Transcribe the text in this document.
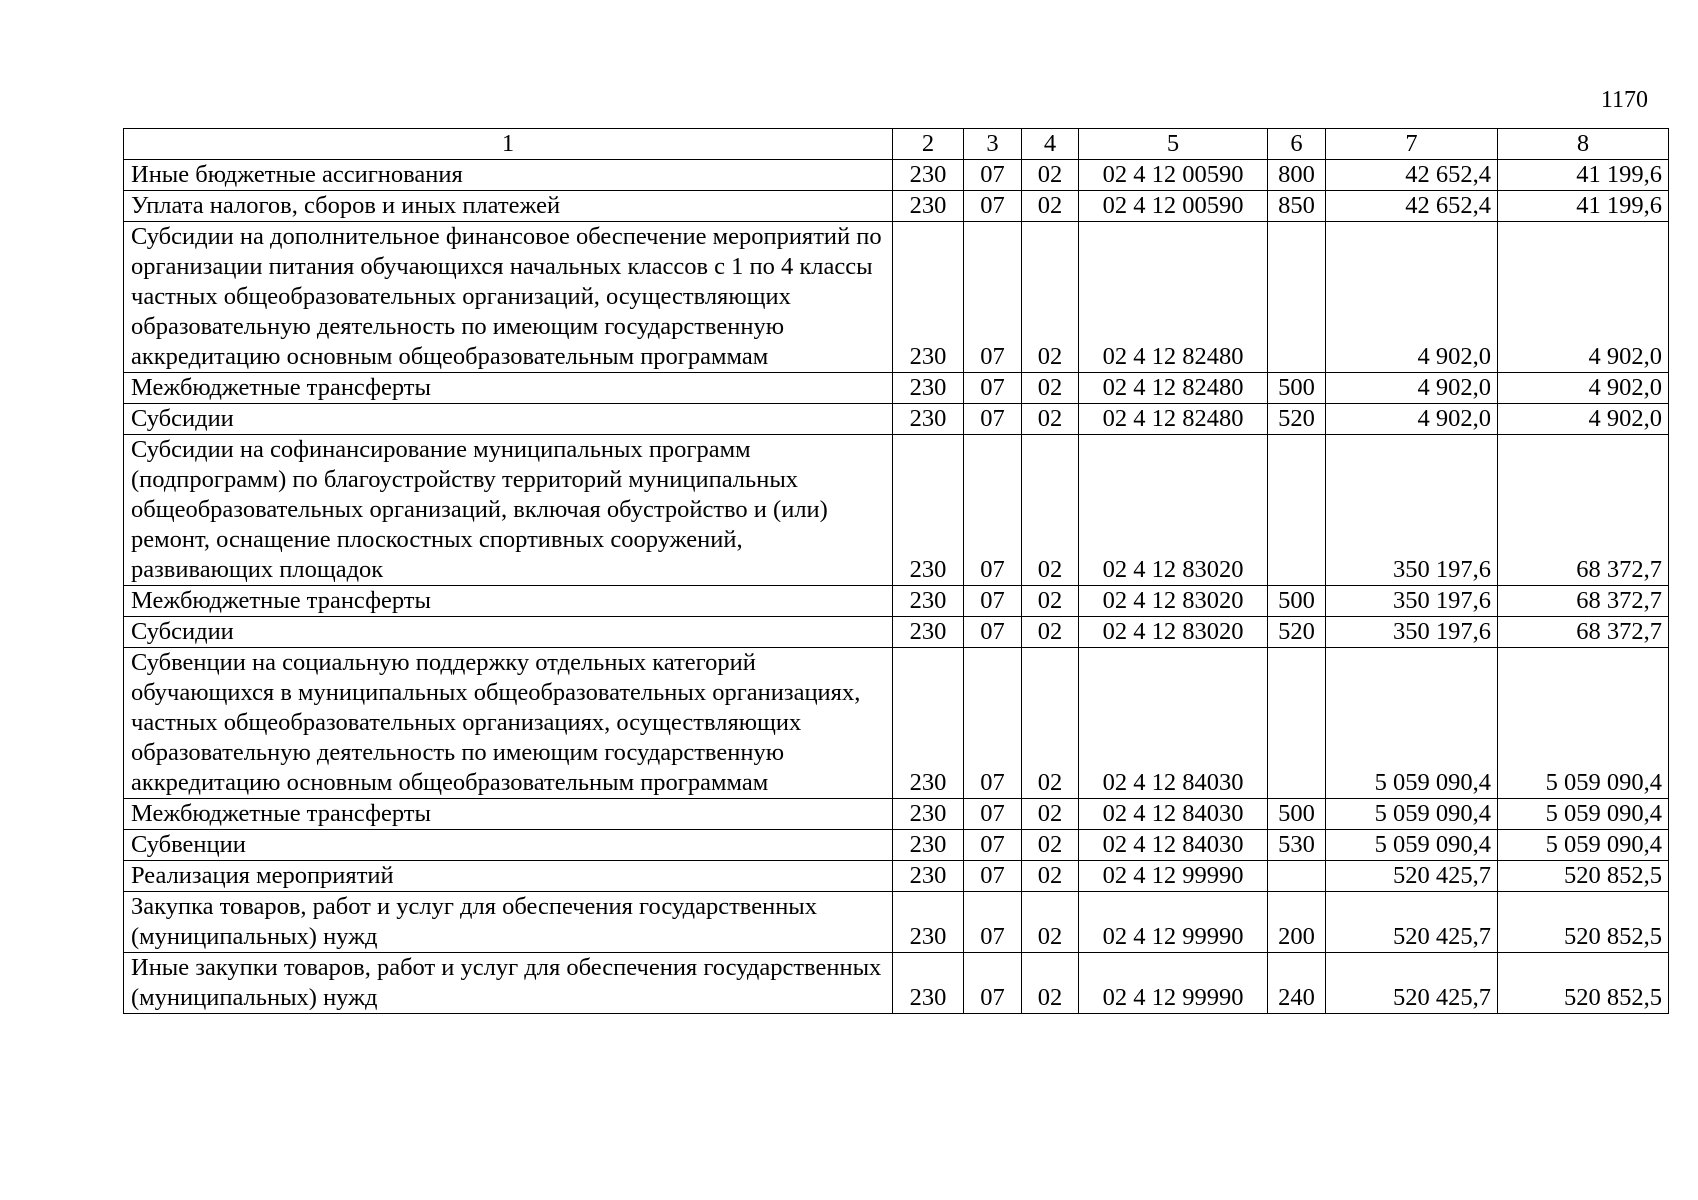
1170
1	2	3	4	5	6	7	8
Иные бюджетные ассигнования	230	07	02	02 4 12 00590	800	42 652,4	41 199,6
Уплата налогов, сборов и иных платежей	230	07	02	02 4 12 00590	850	42 652,4	41 199,6
Субсидии на дополнительное финансовое обеспечение мероприятий по организации питания обучающихся начальных классов с 1 по 4 классы частных общеобразовательных организаций, осуществляющих образовательную деятельность по имеющим государственную аккредитацию основным общеобразовательным программам	230	07	02	02 4 12 82480		4 902,0	4 902,0
Межбюджетные трансферты	230	07	02	02 4 12 82480	500	4 902,0	4 902,0
Субсидии	230	07	02	02 4 12 82480	520	4 902,0	4 902,0
Субсидии на софинансирование муниципальных программ (подпрограмм) по благоустройству территорий муниципальных общеобразовательных организаций, включая обустройство и (или) ремонт, оснащение плоскостных спортивных сооружений, развивающих площадок	230	07	02	02 4 12 83020		350 197,6	68 372,7
Межбюджетные трансферты	230	07	02	02 4 12 83020	500	350 197,6	68 372,7
Субсидии	230	07	02	02 4 12 83020	520	350 197,6	68 372,7
Субвенции на социальную поддержку отдельных категорий обучающихся в муниципальных общеобразовательных организациях, частных общеобразовательных организациях, осуществляющих образовательную деятельность по имеющим государственную аккредитацию основным общеобразовательным программам	230	07	02	02 4 12 84030		5 059 090,4	5 059 090,4
Межбюджетные трансферты	230	07	02	02 4 12 84030	500	5 059 090,4	5 059 090,4
Субвенции	230	07	02	02 4 12 84030	530	5 059 090,4	5 059 090,4
Реализация мероприятий	230	07	02	02 4 12 99990		520 425,7	520 852,5
Закупка товаров, работ и услуг для обеспечения государственных (муниципальных) нужд	230	07	02	02 4 12 99990	200	520 425,7	520 852,5
Иные закупки товаров, работ и услуг для обеспечения государственных (муниципальных) нужд	230	07	02	02 4 12 99990	240	520 425,7	520 852,5
